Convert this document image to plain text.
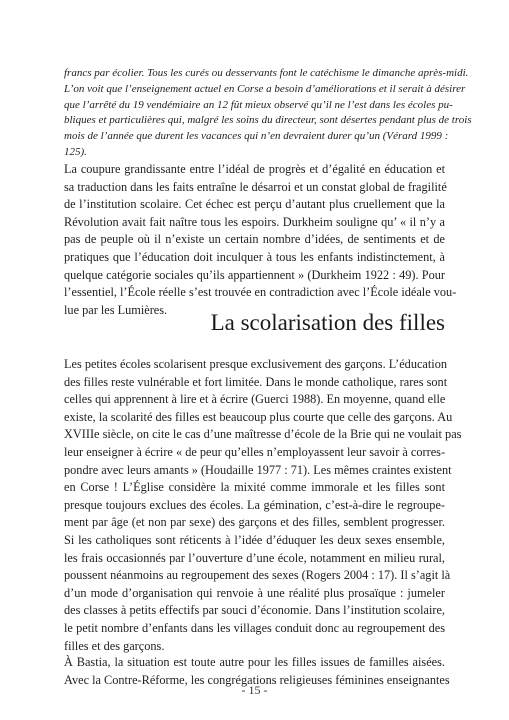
francs par écolier. Tous les curés ou desservants font le catéchisme le dimanche après-midi.
L’on voit que l’enseignement actuel en Corse a besoin d’améliorations et il serait à désirer
que l’arrêté du 19 vendémiaire an 12 fût mieux observé qu’il ne l’est dans les écoles pu-
bliques et particulières qui, malgré les soins du directeur, sont désertes pendant plus de trois
mois de l’année que durent les vacances qui n’en devraient durer qu’un (Vérard 1999 :
125).
La coupure grandissante entre l’idéal de progrès et d’égalité en éducation et
sa traduction dans les faits entraîne le désarroi et un constat global de fragilité
de l’institution scolaire. Cet échec est perçu d’autant plus cruellement que la
Révolution avait fait naître tous les espoirs. Durkheim souligne qu’ « il n’y a
pas de peuple où il n’existe un certain nombre d’idées, de sentiments et de
pratiques que l’éducation doit inculquer à tous les enfants indistinctement, à
quelque catégorie sociales qu’ils appartiennent » (Durkheim 1922 : 49). Pour
l’essentiel, l’École réelle s’est trouvée en contradiction avec l’École idéale vou-
lue par les Lumières.
La scolarisation des filles
Les petites écoles scolarisent presque exclusivement des garçons. L’éducation
des filles reste vulnérable et fort limitée. Dans le monde catholique, rares sont
celles qui apprennent à lire et à écrire (Guerci 1988). En moyenne, quand elle
existe, la scolarité des filles est beaucoup plus courte que celle des garçons. Au
XVIIIe siècle, on cite le cas d’une maîtresse d’école de la Brie qui ne voulait pas
leur enseigner à écrire « de peur qu’elles n’employassent leur savoir à corres-
pondre avec leurs amants » (Houdaille 1977 : 71). Les mêmes craintes existent
en Corse ! L’Église considère la mixité comme immorale et les filles sont
presque toujours exclues des écoles. La gémination, c’est-à-dire le regroupe-
ment par âge (et non par sexe) des garçons et des filles, semblent progresser.
Si les catholiques sont réticents à l’idée d’éduquer les deux sexes ensemble,
les frais occasionnés par l’ouverture d’une école, notamment en milieu rural,
poussent néanmoins au regroupement des sexes (Rogers 2004 : 17). Il s’agit là
d’un mode d’organisation qui renvoie à une réalité plus prosaïque : jumeler
des classes à petits effectifs par souci d’économie. Dans l’institution scolaire,
le petit nombre d’enfants dans les villages conduit donc au regroupement des
filles et des garçons.
À Bastia, la situation est toute autre pour les filles issues de familles aisées.
Avec la Contre-Réforme, les congrégations religieuses féminines enseignantes
- 15 -
